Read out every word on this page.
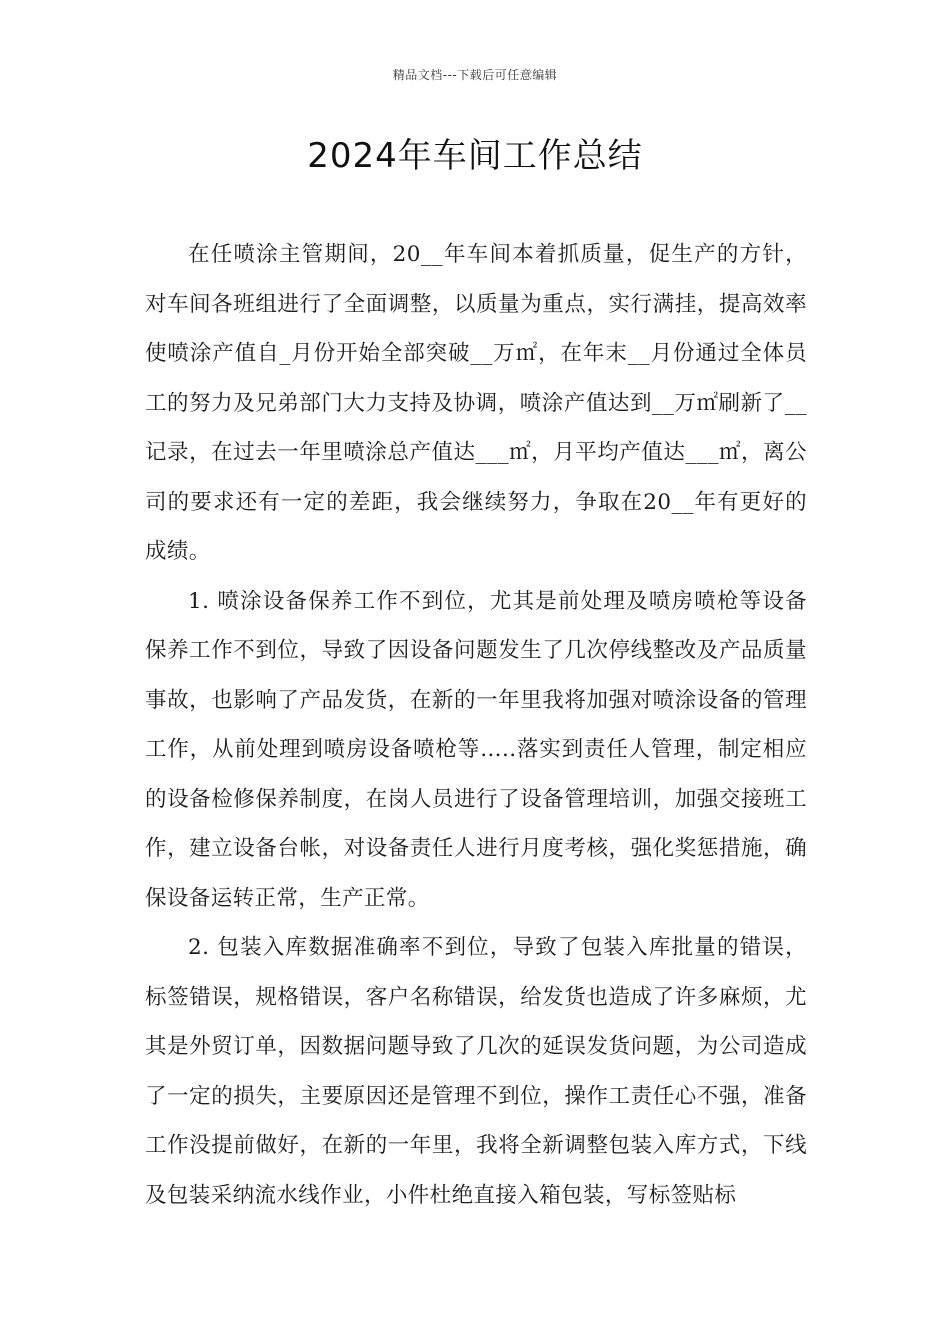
精品文档---下载后可任意编辑
2024年车间工作总结

在任喷涂主管期间，20__年车间本着抓质量，促生产的方针，对车间各班组进行了全面调整，以质量为重点，实行满挂，提高效率使喷涂产值自_月份开始全部突破__万㎡，在年末__月份通过全体员工的努力及兄弟部门大力支持及协调，喷涂产值达到__万㎡刷新了__记录，在过去一年里喷涂总产值达___㎡，月平均产值达___㎡，离公司的要求还有一定的差距，我会继续努力，争取在20__年有更好的成绩。

1. 喷涂设备保养工作不到位，尤其是前处理及喷房喷枪等设备保养工作不到位，导致了因设备问题发生了几次停线整改及产品质量事故，也影响了产品发货，在新的一年里我将加强对喷涂设备的管理工作，从前处理到喷房设备喷枪等…..落实到责任人管理，制定相应的设备检修保养制度，在岗人员进行了设备管理培训，加强交接班工作，建立设备台帐，对设备责任人进行月度考核，强化奖惩措施，确保设备运转正常，生产正常。

2. 包装入库数据准确率不到位，导致了包装入库批量的错误，标签错误，规格错误，客户名称错误，给发货也造成了许多麻烦，尤其是外贸订单，因数据问题导致了几次的延误发货问题，为公司造成了一定的损失，主要原因还是管理不到位，操作工责任心不强，准备工作没提前做好，在新的一年里，我将全新调整包装入库方式，下线及包装采纳流水线作业，小件杜绝直接入箱包装，写标签贴标
